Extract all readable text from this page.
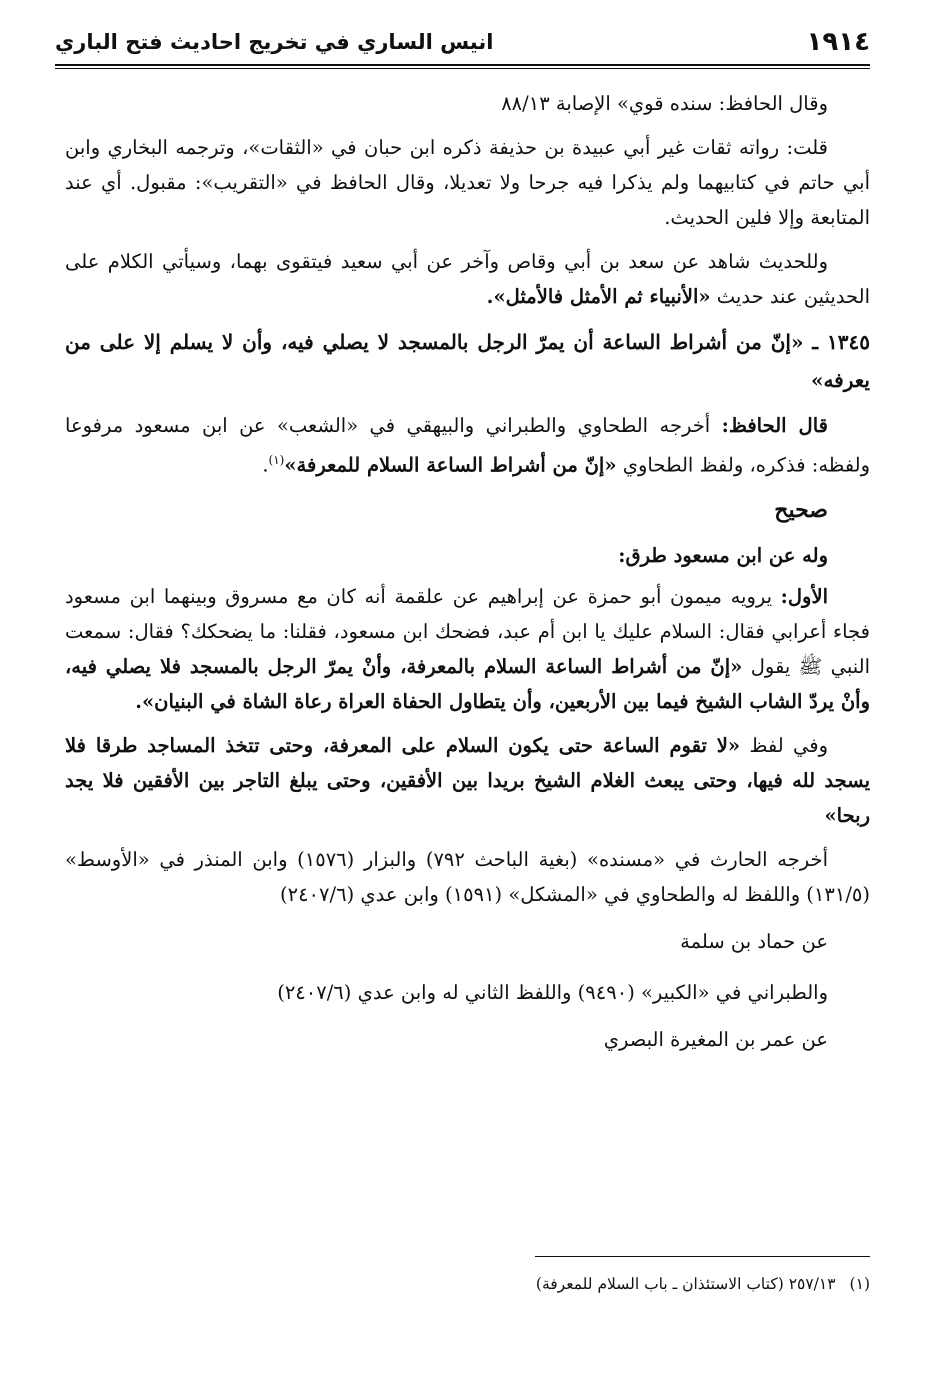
١٩١٤
انيس الساري في تخريج احاديث فتح الباري

وقال الحافظ: سنده قوي» الإصابة ٨٨/١٣

قلت: رواته ثقات غير أبي عبيدة بن حذيفة ذكره ابن حبان في «الثقات»، وترجمه البخاري وابن أبي حاتم في كتابيهما ولم يذكرا فيه جرحا ولا تعديلا، وقال الحافظ في «التقريب»: مقبول. أي عند المتابعة وإلا فلين الحديث.

وللحديث شاهد عن سعد بن أبي وقاص وآخر عن أبي سعيد فيتقوى بهما، وسيأتي الكلام على الحديثين عند حديث «الأنبياء ثم الأمثل فالأمثل».

١٣٤٥ ـ «إنّ من أشراط الساعة أن يمرّ الرجل بالمسجد لا يصلي فيه، وأن لا يسلم إلا على من يعرفه»

قال الحافظ: أخرجه الطحاوي والطبراني والبيهقي في «الشعب» عن ابن مسعود مرفوعا ولفظه: فذكره، ولفظ الطحاوي «إنّ من أشراط الساعة السلام للمعرفة»$^{(١)}$.

صحيح
وله عن ابن مسعود طرق:

الأول: يرويه ميمون أبو حمزة عن إبراهيم عن علقمة أنه كان مع مسروق وبينهما ابن مسعود فجاء أعرابي فقال: السلام عليك يا ابن أم عبد، فضحك ابن مسعود، فقلنا: ما يضحكك؟ فقال: سمعت النبي ﷺ يقول «إنّ من أشراط الساعة السلام بالمعرفة، وأنْ يمرّ الرجل بالمسجد فلا يصلي فيه، وأنْ يردّ الشاب الشيخ فيما بين الأربعين، وأن يتطاول الحفاة العراة رعاة الشاة في البنيان».

وفي لفظ «لا تقوم الساعة حتى يكون السلام على المعرفة، وحتى تتخذ المساجد طرقا فلا يسجد لله فيها، وحتى يبعث الغلام الشيخ بريدا بين الأفقين، وحتى يبلغ التاجر بين الأفقين فلا يجد ربحا»

أخرجه الحارث في «مسنده» (بغية الباحث ٧٩٢) والبزار (١٥٧٦) وابن المنذر في «الأوسط» (١٣١/٥) واللفظ له والطحاوي في «المشكل» (١٥٩١) وابن عدي (٢٤٠٧/٦)

عن حماد بن سلمة

والطبراني في «الكبير» (٩٤٩٠) واللفظ الثاني له وابن عدي (٢٤٠٧/٦)

عن عمر بن المغيرة البصري
(١)٢٥٧/١٣ (كتاب الاستئذان ـ باب السلام للمعرفة)
